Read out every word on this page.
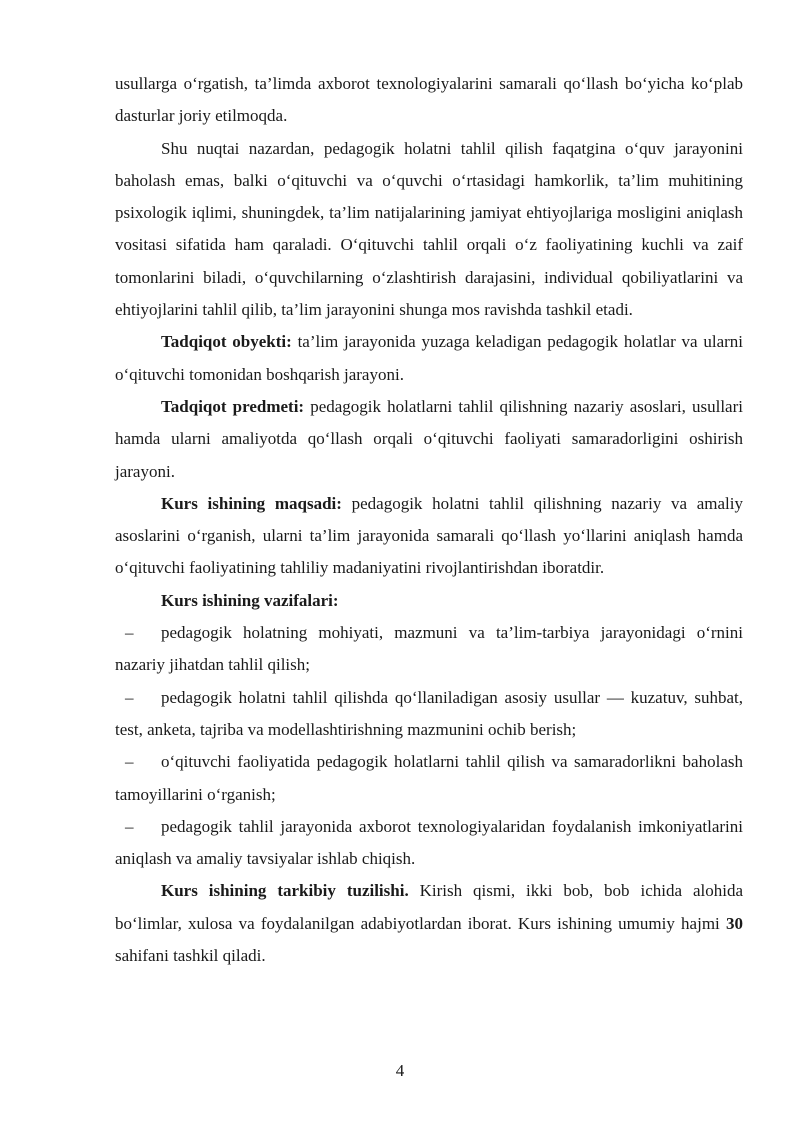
usullarga o‘rgatish, ta’limda axborot texnologiyalarini samarali qo‘llash bo‘yicha ko‘plab dasturlar joriy etilmoqda.

Shu nuqtai nazardan, pedagogik holatni tahlil qilish faqatgina o‘quv jarayonini baholash emas, balki o‘qituvchi va o‘quvchi o‘rtasidagi hamkorlik, ta’lim muhitining psixologik iqlimi, shuningdek, ta’lim natijalarining jamiyat ehtiyojlariga mosligini aniqlash vositasi sifatida ham qaraladi. O‘qituvchi tahlil orqali o‘z faoliyatining kuchli va zaif tomonlarini biladi, o‘quvchilarning o‘zlashtirish darajasini, individual qobiliyatlarini va ehtiyojlarini tahlil qilib, ta’lim jarayonini shunga mos ravishda tashkil etadi.

Tadqiqot obyekti: ta’lim jarayonida yuzaga keladigan pedagogik holatlar va ularni o‘qituvchi tomonidan boshqarish jarayoni.

Tadqiqot predmeti: pedagogik holatlarni tahlil qilishning nazariy asoslari, usullari hamda ularni amaliyotda qo‘llash orqali o‘qituvchi faoliyati samaradorligini oshirish jarayoni.

Kurs ishining maqsadi: pedagogik holatni tahlil qilishning nazariy va amaliy asoslarini o‘rganish, ularni ta’lim jarayonida samarali qo‘llash yo‘llarini aniqlash hamda o‘qituvchi faoliyatining tahliliy madaniyatini rivojlantirishdan iboratdir.

Kurs ishining vazifalari:

– pedagogik holatning mohiyati, mazmuni va ta’lim-tarbiya jarayonidagi o‘rnini nazariy jihatdan tahlil qilish;

– pedagogik holatni tahlil qilishda qo‘llaniladigan asosiy usullar — kuzatuv, suhbat, test, anketa, tajriba va modellashtirishning mazmunini ochib berish;

– o‘qituvchi faoliyatida pedagogik holatlarni tahlil qilish va samaradorlikni baholash tamoyillarini o‘rganish;

– pedagogik tahlil jarayonida axborot texnologiyalaridan foydalanish imkoniyatlarini aniqlash va amaliy tavsiyalar ishlab chiqish.

Kurs ishining tarkibiy tuzilishi. Kirish qismi, ikki bob, bob ichida alohida bo‘limlar, xulosa va foydalanilgan adabiyotlardan iborat. Kurs ishining umumiy hajmi 30 sahifani tashkil qiladi.

4
